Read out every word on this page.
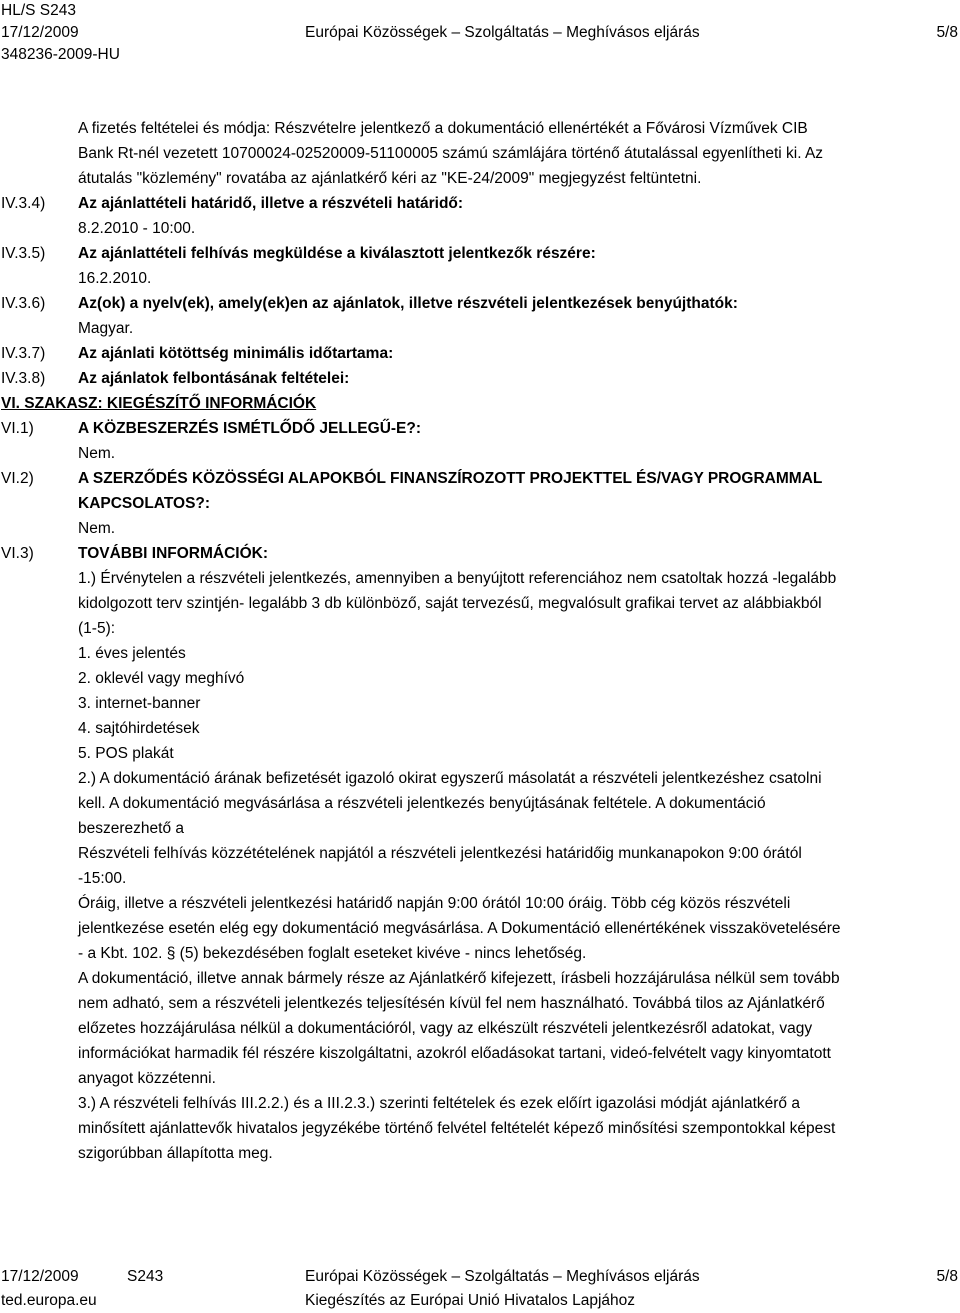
HL/S S243
17/12/2009	Európai Közösségek – Szolgáltatás – Meghívásos eljárás	5/8
348236-2009-HU
A fizetés feltételei és módja: Részvételre jelentkező a dokumentáció ellenértékét a Fővárosi Vízművek CIB
Bank Rt-nél vezetett 10700024-02520009-51100005 számú számlájára történő átutalással egyenlítheti ki. Az
átutalás "közlemény" rovatába az ajánlatkérő kéri az "KE-24/2009" megjegyzést feltüntetni.
IV.3.4) Az ajánlattételi határidő, illetve a részvételi határidő:
8.2.2010 - 10:00.
IV.3.5) Az ajánlattételi felhívás megküldése a kiválasztott jelentkezők részére:
16.2.2010.
IV.3.6) Az(ok) a nyelv(ek), amely(ek)en az ajánlatok, illetve részvételi jelentkezések benyújthatók:
Magyar.
IV.3.7) Az ajánlati kötöttség minimális időtartama:
IV.3.8) Az ajánlatok felbontásának feltételei:
VI. SZAKASZ: KIEGÉSZÍTŐ INFORMÁCIÓK
VI.1)	A KÖZBESZERZÉS ISMÉTLŐDŐ JELLEGŰ-E?:
Nem.
VI.2)	A SZERZŐDÉS KÖZÖSSÉGI ALAPOKBÓL FINANSZÍROZOTT PROJEKTTEL ÉS/VAGY PROGRAMMAL
KAPCSOLATOS?:
Nem.
VI.3)	TOVÁBBI INFORMÁCIÓK:
1.) Érvénytelen a részvételi jelentkezés, amennyiben a benyújtott referenciához nem csatoltak hozzá -legalább
kidolgozott terv szintjén- legalább 3 db különböző, saját tervezésű, megvalósult grafikai tervet az alábbiakból
(1-5):
1. éves jelentés
2. oklevél vagy meghívó
3. internet-banner
4. sajtóhirdetések
5. POS plakát
2.) A dokumentáció árának befizetését igazoló okirat egyszerű másolatát a részvételi jelentkezéshez csatolni
kell. A dokumentáció megvásárlása a részvételi jelentkezés benyújtásának feltétele. A dokumentáció
beszerezhető a
Részvételi felhívás közzétételének napjától a részvételi jelentkezési határidőig munkanapokon 9:00 órától
-15:00.
Óráig, illetve a részvételi jelentkezési határidő napján 9:00 órától 10:00 óráig. Több cég közös részvételi
jelentkezése esetén elég egy dokumentáció megvásárlása. A Dokumentáció ellenértékének visszakövetelésére
- a Kbt. 102. § (5) bekezdésében foglalt eseteket kivéve - nincs lehetőség.
A dokumentáció, illetve annak bármely része az Ajánlatkérő kifejezett, írásbeli hozzájárulása nélkül sem tovább
nem adható, sem a részvételi jelentkezés teljesítésén kívül fel nem használható. Továbbá tilos az Ajánlatkérő
előzetes hozzájárulása nélkül a dokumentációról, vagy az elkészült részvételi jelentkezésről adatokat, vagy
információkat harmadik fél részére kiszolgáltatni, azokról előadásokat tartani, videó-felvételt vagy kinyomtatott
anyagot közzétenni.
3.) A részvételi felhívás III.2.2.) és a III.2.3.) szerinti feltételek és ezek előírt igazolási módját ajánlatkérő a
minősített ajánlattevők hivatalos jegyzékébe történő felvétel feltételét képező minősítési szempontokkal képest
szigorúbban állapította meg.
17/12/2009	S243	Európai Közösségek – Szolgáltatás – Meghívásos eljárás	5/8
ted.europa.eu	Kiegészítés az Európai Unió Hivatalos Lapjához
